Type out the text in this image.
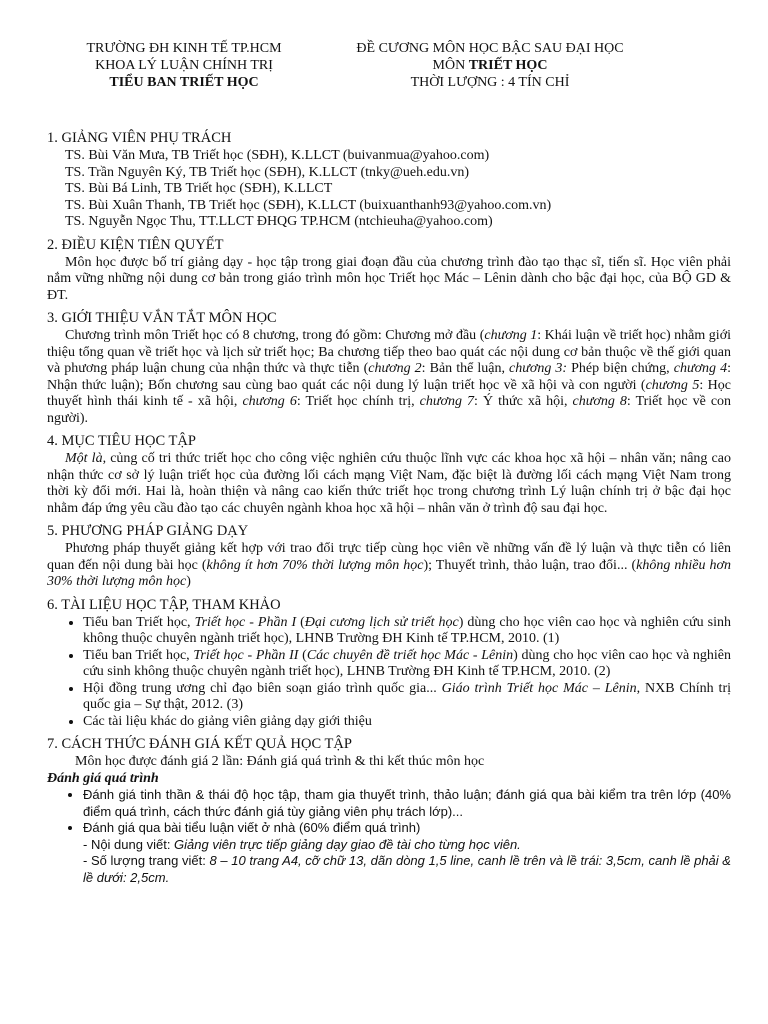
TRƯỜNG ĐH KINH TẾ TP.HCM
KHOA LÝ LUẬN CHÍNH TRỊ
TIỂU BAN TRIẾT HỌC
ĐỀ CƯƠNG MÔN HỌC BẬC SAU ĐẠI HỌC
MÔN TRIẾT HỌC
THỜI LƯỢNG : 4 TÍN CHỈ
1. GIẢNG VIÊN PHỤ TRÁCH
TS. Bùi Văn Mưa, TB Triết học (SĐH), K.LLCT (buivanmua@yahoo.com)
TS. Trần Nguyên Ký, TB Triết học (SĐH), K.LLCT (tnky@ueh.edu.vn)
TS. Bùi Bá Linh, TB Triết học (SĐH), K.LLCT
TS. Bùi Xuân Thanh, TB Triết học (SĐH), K.LLCT (buixuanthanh93@yahoo.com.vn)
TS. Nguyễn Ngọc Thu, TT.LLCT ĐHQG TP.HCM (ntchieuha@yahoo.com)
2. ĐIỀU KIỆN TIÊN QUYẾT

Môn học được bố trí giảng dạy - học tập trong giai đoạn đầu của chương trình đào tạo thạc sĩ, tiến sĩ. Học viên phải nắm vững những nội dung cơ bản trong giáo trình môn học Triết học Mác – Lênin dành cho bậc đại học, của BỘ GD & ĐT.

3. GIỚI THIỆU VẮN TẮT MÔN HỌC

Chương trình môn Triết học có 8 chương, trong đó gồm: Chương mở đầu (chương 1: Khái luận về triết học) nhằm giới thiệu tổng quan về triết học và lịch sử triết học; Ba chương tiếp theo bao quát các nội dung cơ bản thuộc về thế giới quan và phương pháp luận chung của nhận thức và thực tiễn (chương 2: Bản thể luận, chương 3: Phép biện chứng, chương 4: Nhận thức luận); Bốn chương sau cùng bao quát các nội dung lý luận triết học về xã hội và con người (chương 5: Học thuyết hình thái kinh tế - xã hội, chương 6: Triết học chính trị, chương 7: Ý thức xã hội, chương 8: Triết học về con người).

4. MỤC TIÊU HỌC TẬP

Một là, củng cố tri thức triết học cho công việc nghiên cứu thuộc lĩnh vực các khoa học xã hội – nhân văn; nâng cao nhận thức cơ sở lý luận triết học của đường lối cách mạng Việt Nam, đặc biệt là đường lối cách mạng Việt Nam trong thời kỳ đổi mới. Hai là, hoàn thiện và nâng cao kiến thức triết học trong chương trình Lý luận chính trị ở bậc đại học nhằm đáp ứng yêu cầu đào tạo các chuyên ngành khoa học xã hội – nhân văn ở trình độ sau đại học.

5. PHƯƠNG PHÁP GIẢNG DẠY

Phương pháp thuyết giảng kết hợp với trao đổi trực tiếp cùng học viên về những vấn đề lý luận và thực tiễn có liên quan đến nội dung bài học (không ít hơn 70% thời lượng môn học); Thuyết trình, thảo luận, trao đổi... (không nhiều hơn 30% thời lượng môn học)

6. TÀI LIỆU HỌC TẬP, THAM KHẢO
• Tiểu ban Triết học, Triết học - Phần I (Đại cương lịch sử triết học) dùng cho học viên cao học và nghiên cứu sinh không thuộc chuyên ngành triết học), LHNB Trường ĐH Kinh tế TP.HCM, 2010. (1)
• Tiểu ban Triết học, Triết học - Phần II (Các chuyên đề triết học Mác - Lênin) dùng cho học viên cao học và nghiên cứu sinh không thuộc chuyên ngành triết học), LHNB Trường ĐH Kinh tế TP.HCM, 2010. (2)
• Hội đồng trung ương chỉ đạo biên soạn giáo trình quốc gia... Giáo trình Triết học Mác – Lênin, NXB Chính trị quốc gia – Sự thật, 2012. (3)
• Các tài liệu khác do giảng viên giảng dạy giới thiệu
7. CÁCH THỨC ĐÁNH GIÁ KẾT QUẢ HỌC TẬP
Môn học được đánh giá 2 lần: Đánh giá quá trình & thi kết thúc môn học
Đánh giá quá trình
• Đánh giá tinh thần & thái độ học tập, tham gia thuyết trình, thảo luận; đánh giá qua bài kiểm tra trên lớp (40% điểm quá trình, cách thức đánh giá tùy giảng viên phụ trách lớp)...
• Đánh giá qua bài tiểu luận viết ở nhà (60% điểm quá trình)
- Nội dung viết: Giảng viên trực tiếp giảng dạy giao đề tài cho từng học viên.
- Số lượng trang viết: 8 – 10 trang A4, cỡ chữ 13, dãn dòng 1,5 line, canh lề trên và lề trái: 3,5cm, canh lề phải & lề dưới: 2,5cm.
